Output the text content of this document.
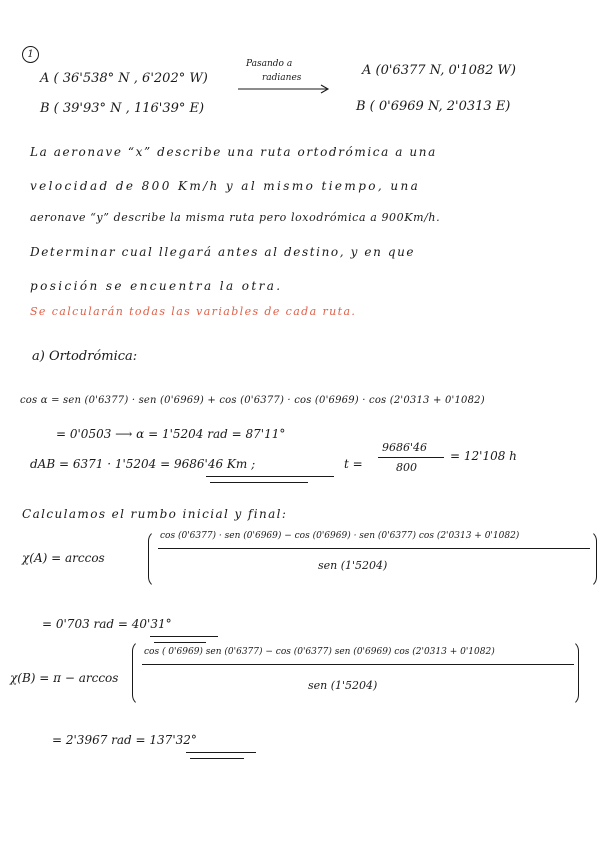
1
A ( 36'538° N , 6'202° W)
B ( 39'93° N , 116'39° E)
Pasando a
radianes	A (0'6377 N, 0'1082 W)
B ( 0'6969 N, 2'0313 E)
La aeronave “x” describe una ruta ortodrómica a una
velocidad de 800 Km/h y al mismo tiempo, una
aeronave “y” describe la misma ruta pero loxodrómica a 900Km/h.
Determinar cual llegará antes al destino, y en que
posición se encuentra la otra.
Se calcularán todas las variables de cada ruta.
a) Ortodrómica:
cos α = sen (0'6377) · sen (0'6969) + cos (0'6377) · cos (0'6969) · cos (2'0313 + 0'1082)
= 0'0503 ⟶ α = 1'5204 rad = 87'11°
dAB = 6371 · 1'5204 = 9686'46 Km ;	t =
9686'46
800
= 12'108 h
Calculamos el rumbo inicial y final:
χ(A) = arccos
cos (0'6377) · sen (0'6969) − cos (0'6969) · sen (0'6377) cos (2'0313 + 0'1082)
sen (1'5204)
= 0'703 rad = 40'31°
χ(B) = π − arccos
cos ( 0'6969) sen (0'6377) − cos (0'6377) sen (0'6969) cos (2'0313 + 0'1082)
sen (1'5204)
= 2'3967 rad = 137'32°
